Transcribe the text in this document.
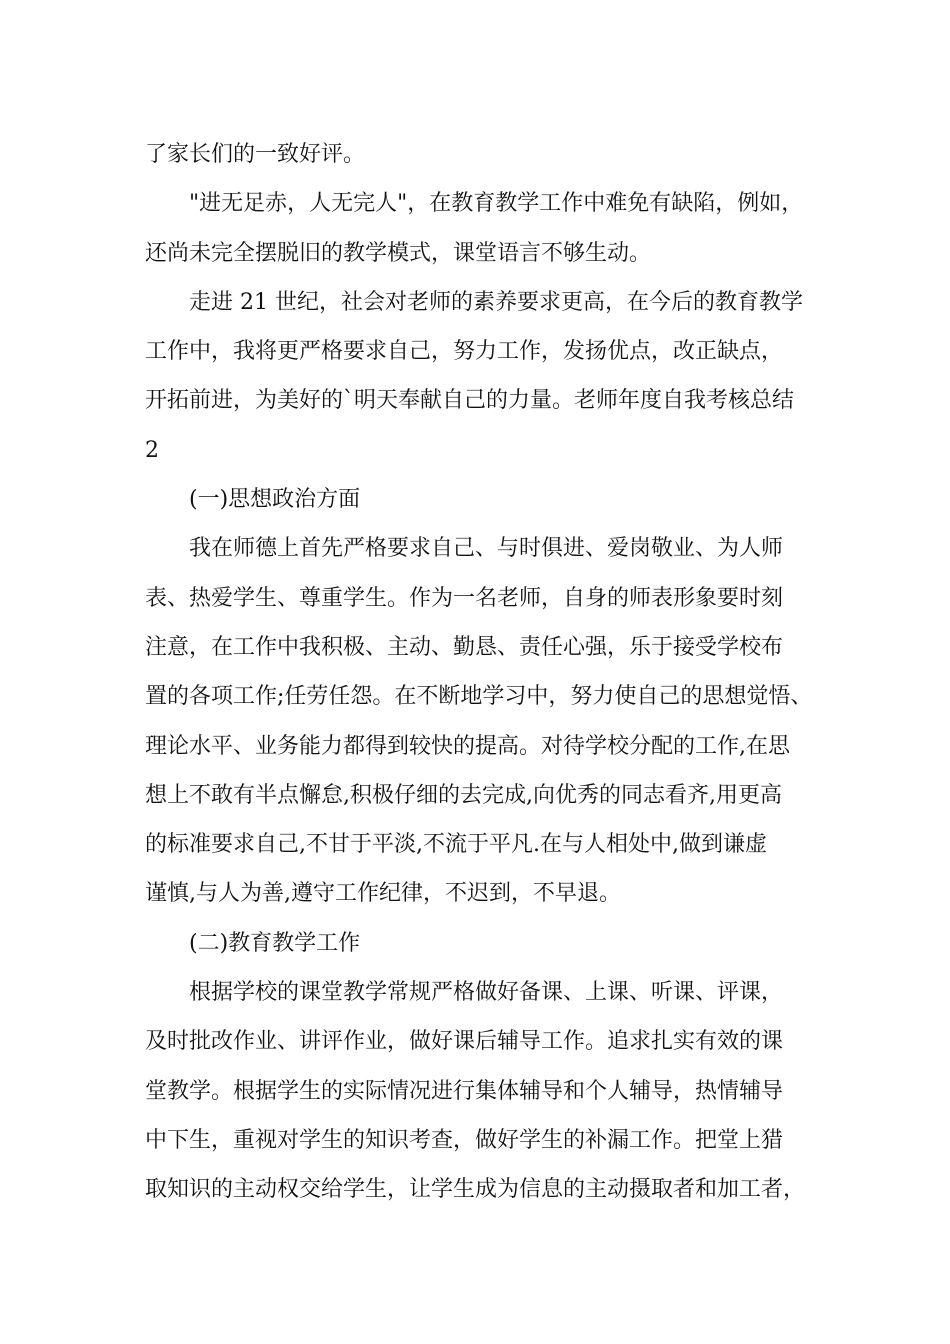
了家长们的一致好评。
"进无足赤，人无完人"，在教育教学工作中难免有缺陷，例如，
还尚未完全摆脱旧的教学模式，课堂语言不够生动。
走进 21 世纪，社会对老师的素养要求更高，在今后的教育教学
工作中，我将更严格要求自己，努力工作，发扬优点，改正缺点，
开拓前进，为美好的`明天奉献自己的力量。老师年度自我考核总结
2
(一)思想政治方面
我在师德上首先严格要求自己、与时俱进、爱岗敬业、为人师
表、热爱学生、尊重学生。作为一名老师，自身的师表形象要时刻
注意，在工作中我积极、主动、勤恳、责任心强，乐于接受学校布
置的各项工作;任劳任怨。在不断地学习中，努力使自己的思想觉悟、
理论水平、业务能力都得到较快的提高。对待学校分配的工作,在思
想上不敢有半点懈怠,积极仔细的去完成,向优秀的同志看齐,用更高
的标准要求自己,不甘于平淡,不流于平凡.在与人相处中,做到谦虚
谨慎,与人为善,遵守工作纪律，不迟到，不早退。
(二)教育教学工作
根据学校的课堂教学常规严格做好备课、上课、听课、评课，
及时批改作业、讲评作业，做好课后辅导工作。追求扎实有效的课
堂教学。根据学生的实际情况进行集体辅导和个人辅导，热情辅导
中下生，重视对学生的知识考查，做好学生的补漏工作。把堂上猎
取知识的主动权交给学生，让学生成为信息的主动摄取者和加工者，
